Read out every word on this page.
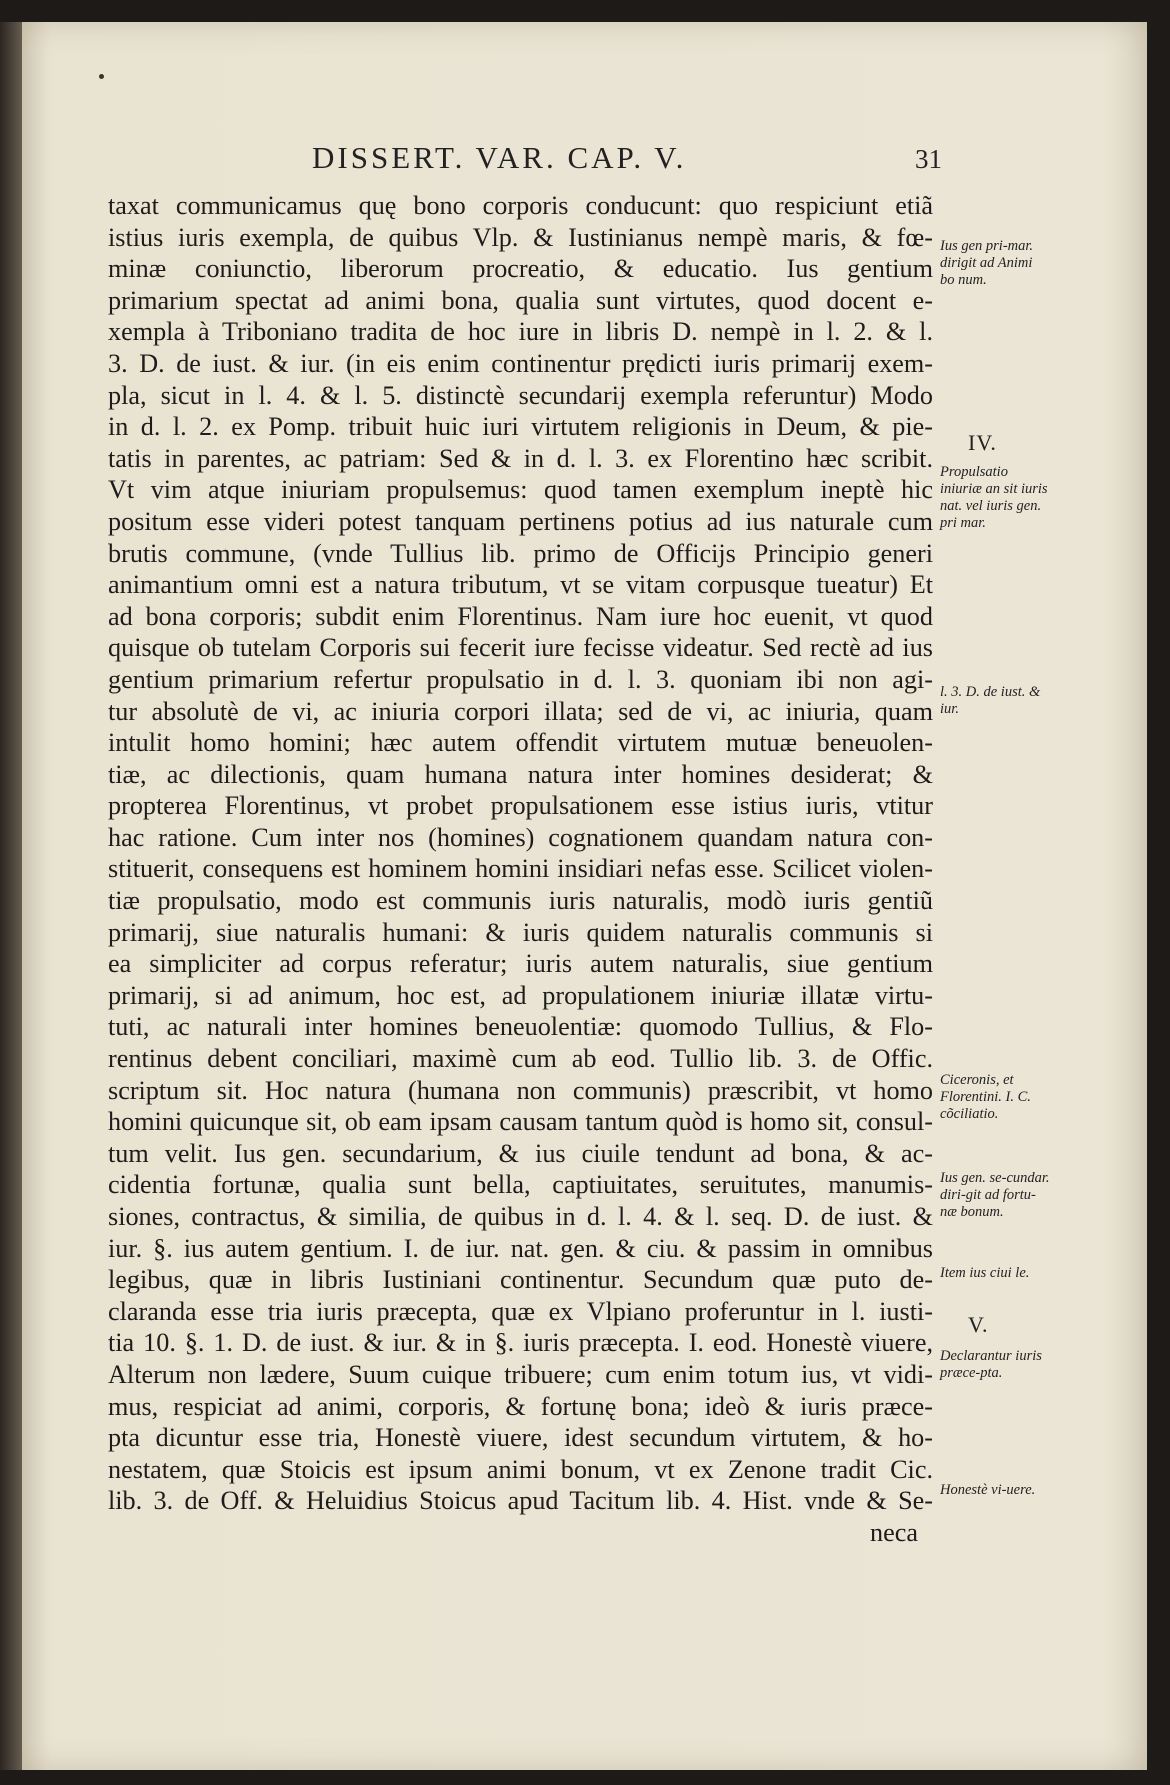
DISSERT. VAR. CAP. V.	31
taxat communicamus quę bono corporis conducunt: quo respiciunt etiã
istius iuris exempla, de quibus Vlp. & Iustinianus nempè maris, & fœ-
minæ coniunctio, liberorum procreatio, & educatio. Ius gentium
primarium spectat ad animi bona, qualia sunt virtutes, quod docent e-
xempla à Triboniano tradita de hoc iure in libris D. nempè in l. 2. & l.
3. D. de iust. & iur. (in eis enim continentur prędicti iuris primarij exem-
pla, sicut in l. 4. & l. 5. distinctè secundarij exempla referuntur) Modo
in d. l. 2. ex Pomp. tribuit huic iuri virtutem religionis in Deum, & pie-
tatis in parentes, ac patriam: Sed & in d. l. 3. ex Florentino hæc scribit.
Vt vim atque iniuriam propulsemus: quod tamen exemplum ineptè hic
positum esse videri potest tanquam pertinens potius ad ius naturale cum
brutis commune, (vnde Tullius lib. primo de Officijs Principio generi
animantium omni est a natura tributum, vt se vitam corpusque tueatur) Et
ad bona corporis; subdit enim Florentinus. Nam iure hoc euenit, vt quod
quisque ob tutelam Corporis sui fecerit iure fecisse videatur. Sed rectè ad ius
gentium primarium refertur propulsatio in d. l. 3. quoniam ibi non agi-
tur absolutè de vi, ac iniuria corpori illata; sed de vi, ac iniuria, quam
intulit homo homini; hæc autem offendit virtutem mutuæ beneuolen-
tiæ, ac dilectionis, quam humana natura inter homines desiderat; &
propterea Florentinus, vt probet propulsationem esse istius iuris, vtitur
hac ratione. Cum inter nos (homines) cognationem quandam natura con-
stituerit, consequens est hominem homini insidiari nefas esse. Scilicet violen-
tiæ propulsatio, modo est communis iuris naturalis, modò iuris gentiũ
primarij, siue naturalis humani: & iuris quidem naturalis communis si
ea simpliciter ad corpus referatur; iuris autem naturalis, siue gentium
primarij, si ad animum, hoc est, ad propulationem iniuriæ illatæ virtu-
tuti, ac naturali inter homines beneuolentiæ: quomodo Tullius, & Flo-
rentinus debent conciliari, maximè cum ab eod. Tullio lib. 3. de Offic.
scriptum sit. Hoc natura (humana non communis) præscribit, vt homo
homini quicunque sit, ob eam ipsam causam tantum quòd is homo sit, consul-
tum velit. Ius gen. secundarium, & ius ciuile tendunt ad bona, & ac-
cidentia fortunæ, qualia sunt bella, captiuitates, seruitutes, manumis-
siones, contractus, & similia, de quibus in d. l. 4. & l. seq. D. de iust. &
iur. §. ius autem gentium. I. de iur. nat. gen. & ciu. & passim in omnibus
legibus, quæ in libris Iustiniani continentur. Secundum quæ puto de-
claranda esse tria iuris præcepta, quæ ex Vlpiano proferuntur in l. iusti-
tia 10. §. 1. D. de iust. & iur. & in §. iuris præcepta. I. eod. Honestè viuere,
Alterum non lædere, Suum cuique tribuere; cum enim totum ius, vt vidi-
mus, respiciat ad animi, corporis, & fortunę bona; ideò & iuris præce-
pta dicuntur esse tria, Honestè viuere, idest secundum virtutem, & ho-
nestatem, quæ Stoicis est ipsum animi bonum, vt ex Zenone tradit Cic.
lib. 3. de Off. & Heluidius Stoicus apud Tacitum lib. 4. Hist. vnde & Se-
neca
IV.
V.
Ius gen pri-mar. dirigit ad Animi bo num.
Propulsatio iniuriæ an sit iuris nat. vel iuris gen. pri mar.
l. 3. D. de iust. & iur.
Ciceronis, et Florentini. I. C. cõciliatio.
Ius gen. se-cundar. diri-git ad fortu-næ bonum.
Item ius ciui le.
Declarantur iuris præce-pta.
Honestè vi-uere.
